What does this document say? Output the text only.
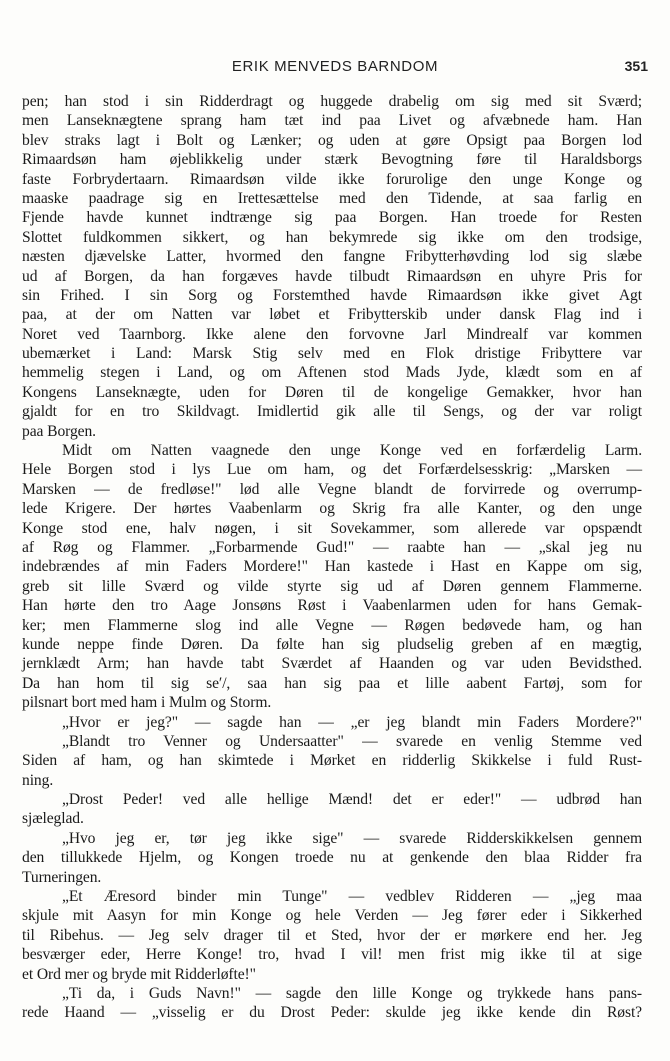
ERIK MENVEDS BARNDOM	351
pen; han stod i sin Ridderdragt og huggede drabelig om sig med sit Sværd;
men Lanseknægtene sprang ham tæt ind paa Livet og afvæbnede ham. Han
blev straks lagt i Bolt og Lænker; og uden at gøre Opsigt paa Borgen lod
Rimaardsøn ham øjeblikkelig under stærk Bevogtning føre til Haraldsborgs
faste Forbrydertaarn. Rimaardsøn vilde ikke forurolige den unge Konge og
maaske paadrage sig en Irettesættelse med den Tidende, at saa farlig en
Fjende havde kunnet indtrænge sig paa Borgen. Han troede for Resten
Slottet fuldkommen sikkert, og han bekymrede sig ikke om den trodsige,
næsten djævelske Latter, hvormed den fangne Fribytterhøvding lod sig slæbe
ud af Borgen, da han forgæves havde tilbudt Rimaardsøn en uhyre Pris for
sin Frihed. I sin Sorg og Forstemthed havde Rimaardsøn ikke givet Agt
paa, at der om Natten var løbet et Fribytterskib under dansk Flag ind i
Noret ved Taarnborg. Ikke alene den forvovne Jarl Mindrealf var kommen
ubemærket i Land: Marsk Stig selv med en Flok dristige Fribyttere var
hemmelig stegen i Land, og om Aftenen stod Mads Jyde, klædt som en af
Kongens Lanseknægte, uden for Døren til de kongelige Gemakker, hvor han
gjaldt for en tro Skildvagt. Imidlertid gik alle til Sengs, og der var roligt
paa Borgen.
Midt om Natten vaagnede den unge Konge ved en forfærdelig Larm.
Hele Borgen stod i lys Lue om ham, og det Forfærdelsesskrig: „Marsken —
Marsken — de fredløse!" lød alle Vegne blandt de forvirrede og overrump-
lede Krigere. Der hørtes Vaabenlarm og Skrig fra alle Kanter, og den unge
Konge stod ene, halv nøgen, i sit Sovekammer, som allerede var opspændt
af Røg og Flammer. „Forbarmende Gud!" — raabte han — „skal jeg nu
indebrændes af min Faders Mordere!" Han kastede i Hast en Kappe om sig,
greb sit lille Sværd og vilde styrte sig ud af Døren gennem Flammerne.
Han hørte den tro Aage Jonsøns Røst i Vaabenlarmen uden for hans Gemak-
ker; men Flammerne slog ind alle Vegne — Røgen bedøvede ham, og han
kunde neppe finde Døren. Da følte han sig pludselig greben af en mægtig,
jernklædt Arm; han havde tabt Sværdet af Haanden og var uden Bevidsthed.
Da han hom til sig se′/, saa han sig paa et lille aabent Fartøj, som for
pilsnart bort med ham i Mulm og Storm.
„Hvor er jeg?" — sagde han — „er jeg blandt min Faders Mordere?"
„Blandt tro Venner og Undersaatter" — svarede en venlig Stemme ved
Siden af ham, og han skimtede i Mørket en ridderlig Skikkelse i fuld Rust-
ning.
„Drost Peder! ved alle hellige Mænd! det er eder!" — udbrød han
sjæleglad.
„Hvo jeg er, tør jeg ikke sige" — svarede Ridderskikkelsen gennem
den tillukkede Hjelm, og Kongen troede nu at genkende den blaa Ridder fra
Turneringen.
„Et Æresord binder min Tunge" — vedblev Ridderen — „jeg maa
skjule mit Aasyn for min Konge og hele Verden — Jeg fører eder i Sikkerhed
til Ribehus. — Jeg selv drager til et Sted, hvor der er mørkere end her. Jeg
besværger eder, Herre Konge! tro, hvad I vil! men frist mig ikke til at sige
et Ord mer og bryde mit Ridderløfte!"
„Ti da, i Guds Navn!" — sagde den lille Konge og trykkede hans pans-
rede Haand — „visselig er du Drost Peder: skulde jeg ikke kende din Røst?
